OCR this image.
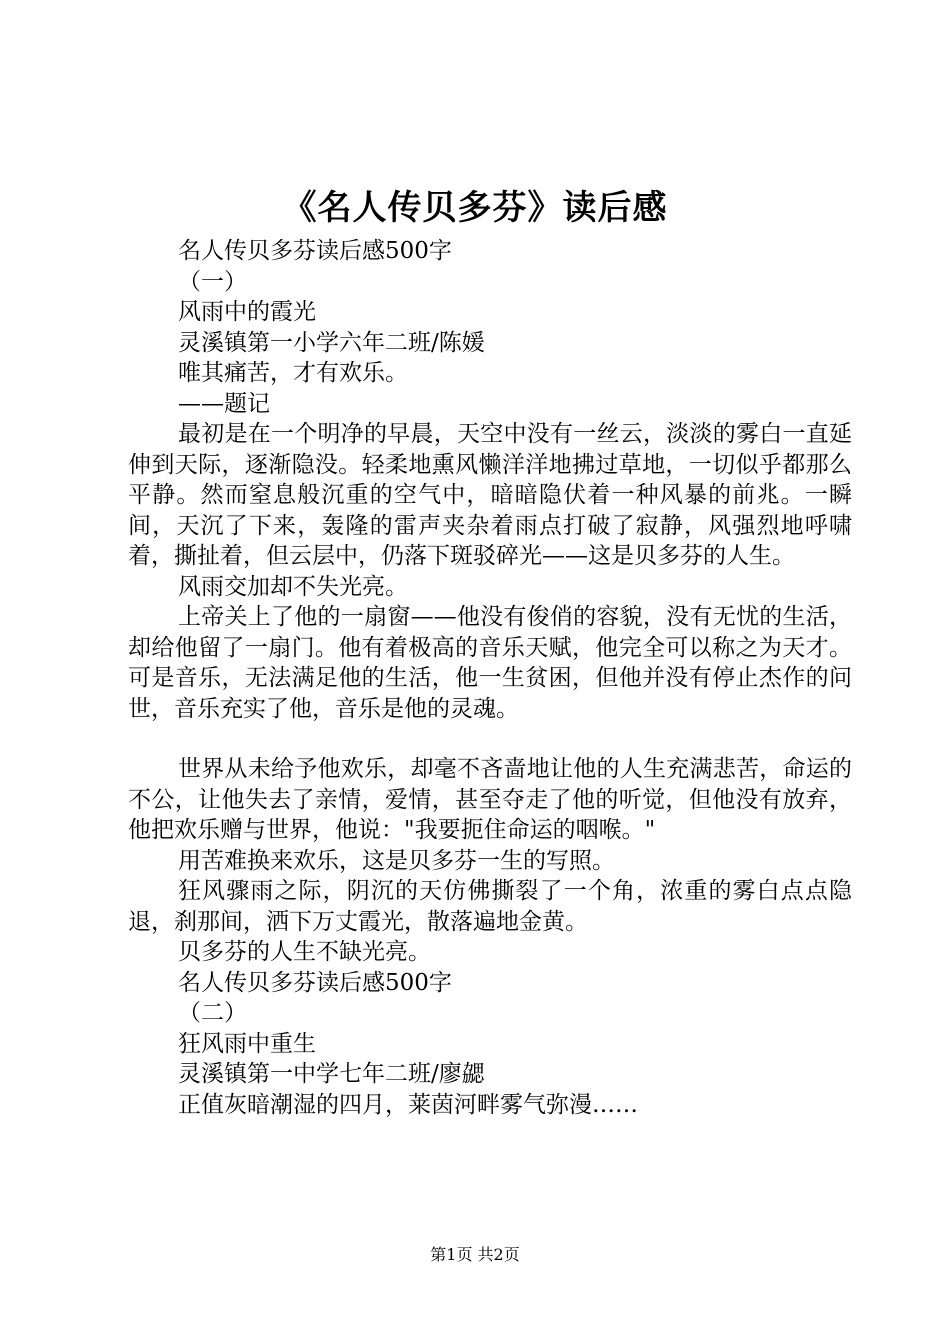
《名人传贝多芬》读后感

名人传贝多芬读后感500字

（一）

风雨中的霞光

灵溪镇第一小学六年二班/陈媛

唯其痛苦，才有欢乐。

——题记

最初是在一个明净的早晨，天空中没有一丝云，淡淡的雾白一直延伸到天际，逐渐隐没。轻柔地熏风懒洋洋地拂过草地，一切似乎都那么平静。然而窒息般沉重的空气中，暗暗隐伏着一种风暴的前兆。一瞬间，天沉了下来，轰隆的雷声夹杂着雨点打破了寂静，风强烈地呼啸着，撕扯着，但云层中，仍落下斑驳碎光——这是贝多芬的人生。

风雨交加却不失光亮。

上帝关上了他的一扇窗——他没有俊俏的容貌，没有无忧的生活，却给他留了一扇门。他有着极高的音乐天赋，他完全可以称之为天才。可是音乐，无法满足他的生活，他一生贫困，但他并没有停止杰作的问世，音乐充实了他，音乐是他的灵魂。

世界从未给予他欢乐，却毫不吝啬地让他的人生充满悲苦，命运的不公，让他失去了亲情，爱情，甚至夺走了他的听觉，但他没有放弃，他把欢乐赠与世界，他说："我要扼住命运的咽喉。"

用苦难换来欢乐，这是贝多芬一生的写照。

狂风骤雨之际，阴沉的天仿佛撕裂了一个角，浓重的雾白点点隐退，刹那间，洒下万丈霞光，散落遍地金黄。

贝多芬的人生不缺光亮。

名人传贝多芬读后感500字

（二）

狂风雨中重生

灵溪镇第一中学七年二班/廖勰

正值灰暗潮湿的四月，莱茵河畔雾气弥漫……

第1页 共2页
